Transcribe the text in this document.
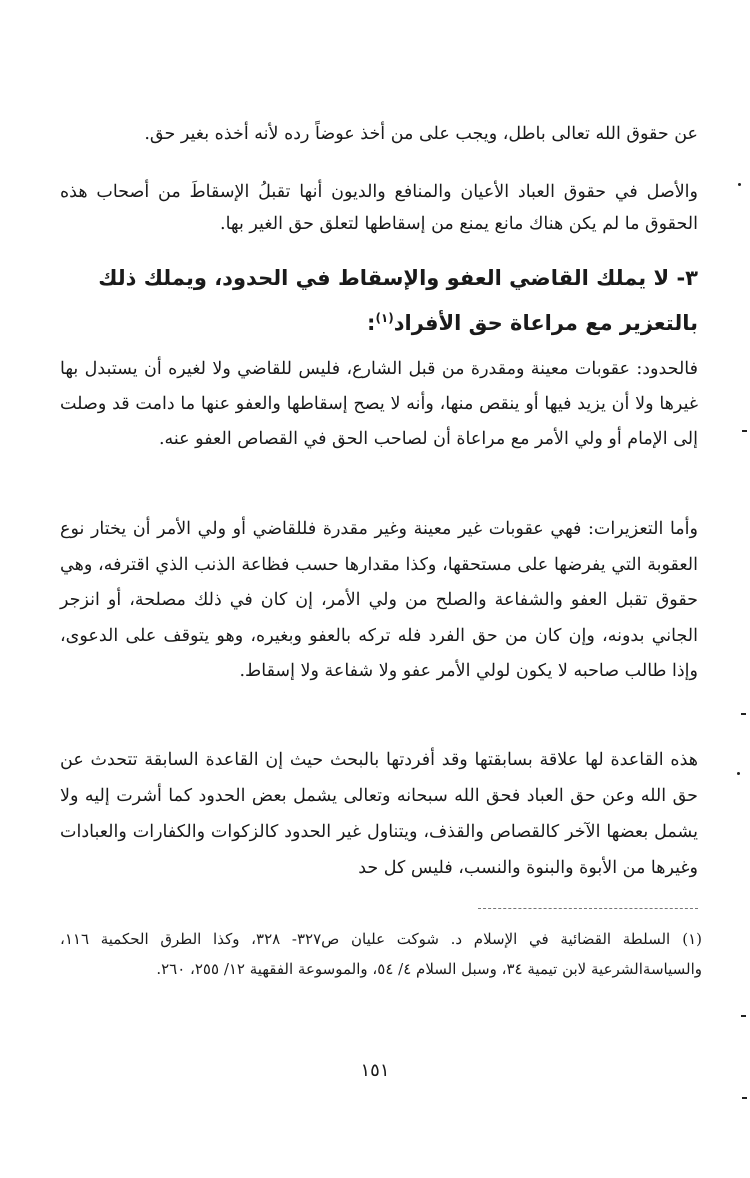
عن حقوق الله تعالى باطل، ويجب على من أخذ عوضاً رده لأنه أخذه بغير حق.
والأصل في حقوق العباد الأعيان والمنافع والديون أنها تقبلُ الإسقاطَ من أصحاب هذه الحقوق ما لم يكن هناك مانع يمنع من إسقاطها لتعلق حق الغير بها.
٣- لا يملك القاضي العفو والإسقاط في الحدود، ويملك ذلك بالتعزير مع مراعاة حق الأفراد$^{(١)}$:
فالحدود: عقوبات معينة ومقدرة من قبل الشارع، فليس للقاضي ولا لغيره أن يستبدل بها غيرها ولا أن يزيد فيها أو ينقص منها، وأنه لا يصح إسقاطها والعفو عنها ما دامت قد وصلت إلى الإمام أو ولي الأمر مع مراعاة أن لصاحب الحق في القصاص العفو عنه.
وأما التعزيرات: فهي عقوبات غير معينة وغير مقدرة فللقاضي أو ولي الأمر أن يختار نوع العقوبة التي يفرضها على مستحقها، وكذا مقدارها حسب فظاعة الذنب الذي اقترفه، وهي حقوق تقبل العفو والشفاعة والصلح من ولي الأمر، إن كان في ذلك مصلحة، أو انزجر الجاني بدونه، وإن كان من حق الفرد فله تركه بالعفو وبغيره، وهو يتوقف على الدعوى، وإذا طالب صاحبه لا يكون لولي الأمر عفو ولا شفاعة ولا إسقاط.
هذه القاعدة لها علاقة بسابقتها وقد أفردتها بالبحث حيث إن القاعدة السابقة تتحدث عن حق الله وعن حق العباد فحق الله سبحانه وتعالى يشمل بعض الحدود كما أشرت إليه ولا يشمل بعضها الآخر كالقصاص والقذف، ويتناول غير الحدود كالزكوات والكفارات والعبادات وغيرها من الأبوة والبنوة والنسب، فليس كل حد
(١)السلطة القضائية في الإسلام د. شوكت عليان ص٣٢٧- ٣٢٨، وكذا الطرق الحكمية ١١٦، والسياسةالشرعية لابن تيمية ٣٤، وسبل السلام ٤/ ٥٤، والموسوعة الفقهية ١٢/ ٢٥٥، ٢٦٠.
١٥١
